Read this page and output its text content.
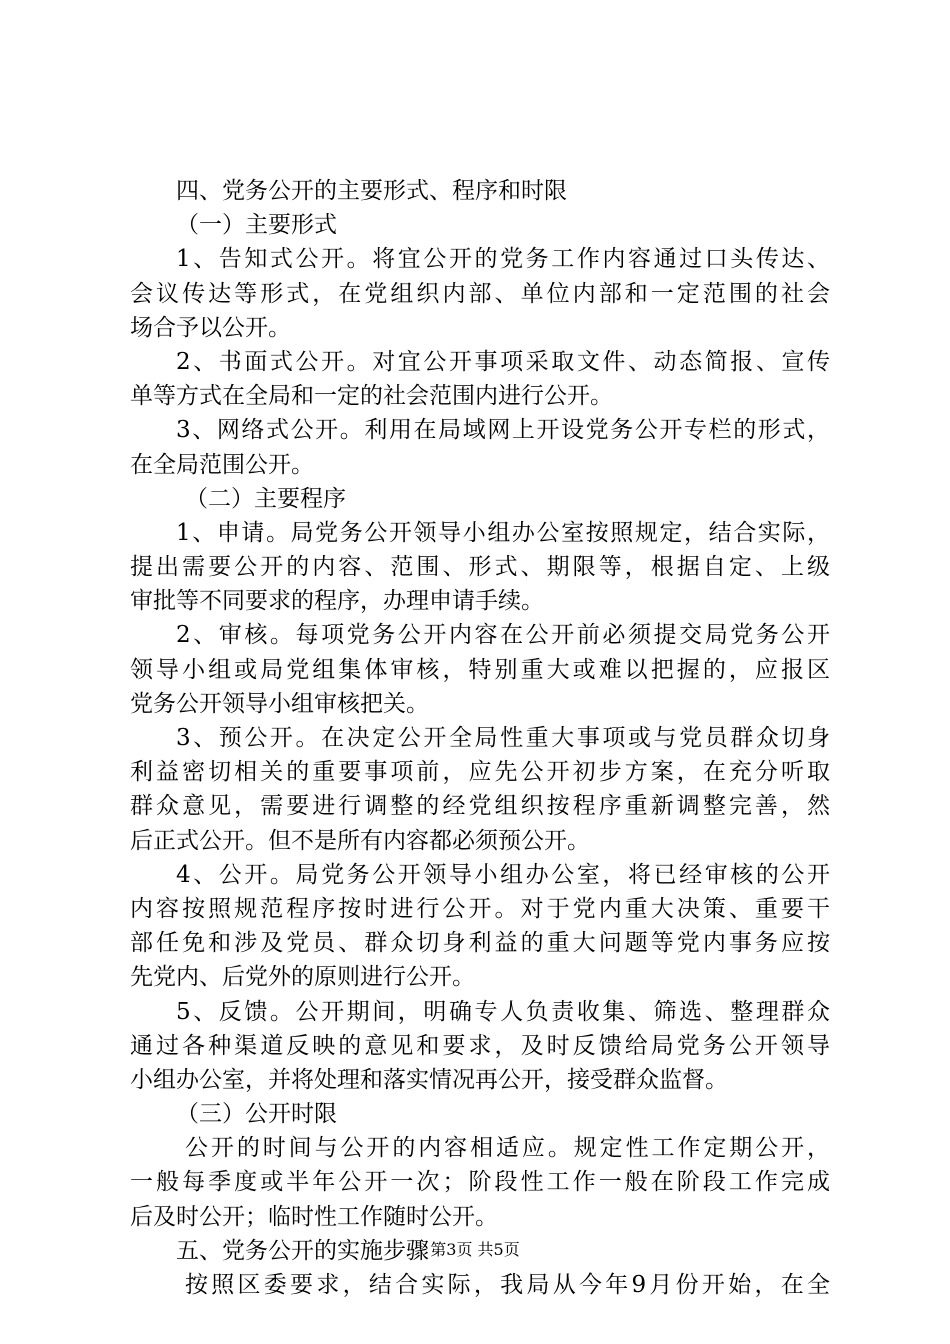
四、党务公开的主要形式、程序和时限
（一）主要形式
1、告知式公开。将宜公开的党务工作内容通过口头传达、
会议传达等形式，在党组织内部、单位内部和一定范围的社会
场合予以公开。
2、书面式公开。对宜公开事项采取文件、动态简报、宣传
单等方式在全局和一定的社会范围内进行公开。
3、网络式公开。利用在局域网上开设党务公开专栏的形式，
在全局范围公开。
（二）主要程序
1、申请。局党务公开领导小组办公室按照规定，结合实际，
提出需要公开的内容、范围、形式、期限等，根据自定、上级
审批等不同要求的程序，办理申请手续。
2、审核。每项党务公开内容在公开前必须提交局党务公开
领导小组或局党组集体审核，特别重大或难以把握的，应报区
党务公开领导小组审核把关。
3、预公开。在决定公开全局性重大事项或与党员群众切身
利益密切相关的重要事项前，应先公开初步方案，在充分听取
群众意见，需要进行调整的经党组织按程序重新调整完善，然
后正式公开。但不是所有内容都必须预公开。
4、公开。局党务公开领导小组办公室，将已经审核的公开
内容按照规范程序按时进行公开。对于党内重大决策、重要干
部任免和涉及党员、群众切身利益的重大问题等党内事务应按
先党内、后党外的原则进行公开。
5、反馈。公开期间，明确专人负责收集、筛选、整理群众
通过各种渠道反映的意见和要求，及时反馈给局党务公开领导
小组办公室，并将处理和落实情况再公开，接受群众监督。
（三）公开时限
公开的时间与公开的内容相适应。规定性工作定期公开，
一般每季度或半年公开一次；阶段性工作一般在阶段工作完成
后及时公开；临时性工作随时公开。
五、党务公开的实施步骤
按照区委要求，结合实际，我局从今年9月份开始，在全
第3页 共5页
